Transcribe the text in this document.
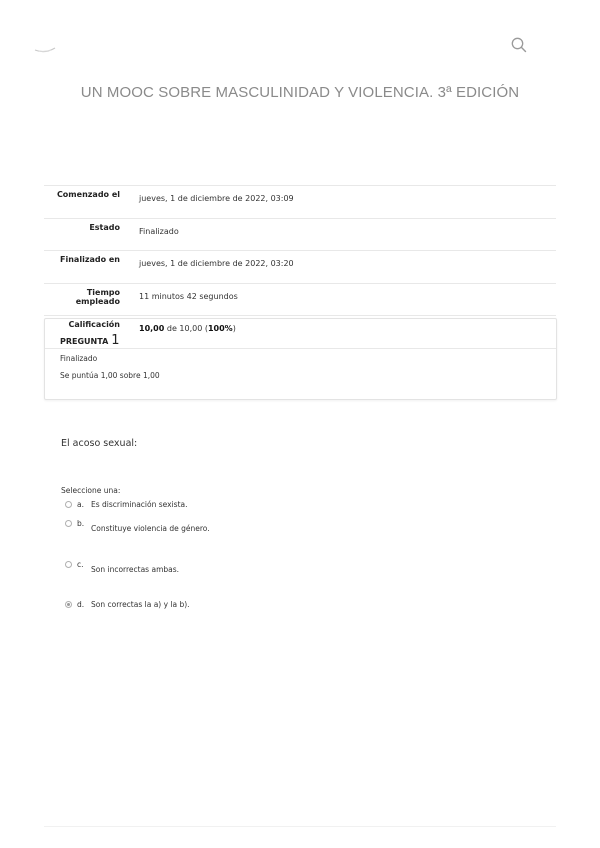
UN MOOC SOBRE MASCULINIDAD Y VIOLENCIA. 3ª EDICIÓN
Comenzado el	jueves, 1 de diciembre de 2022, 03:09
Estado	Finalizado
Finalizado en	jueves, 1 de diciembre de 2022, 03:20
Tiempo empleado	11 minutos 42 segundos
Calificación	10,00 de 10,00 (100%)
PREGUNTA 1
Finalizado
Se puntúa 1,00 sobre 1,00
El acoso sexual:
Seleccione una:
a. Es discriminación sexista.
b.
Constituye violencia de género.
c.
Son incorrectas ambas.
d. Son correctas la a) y la b).
